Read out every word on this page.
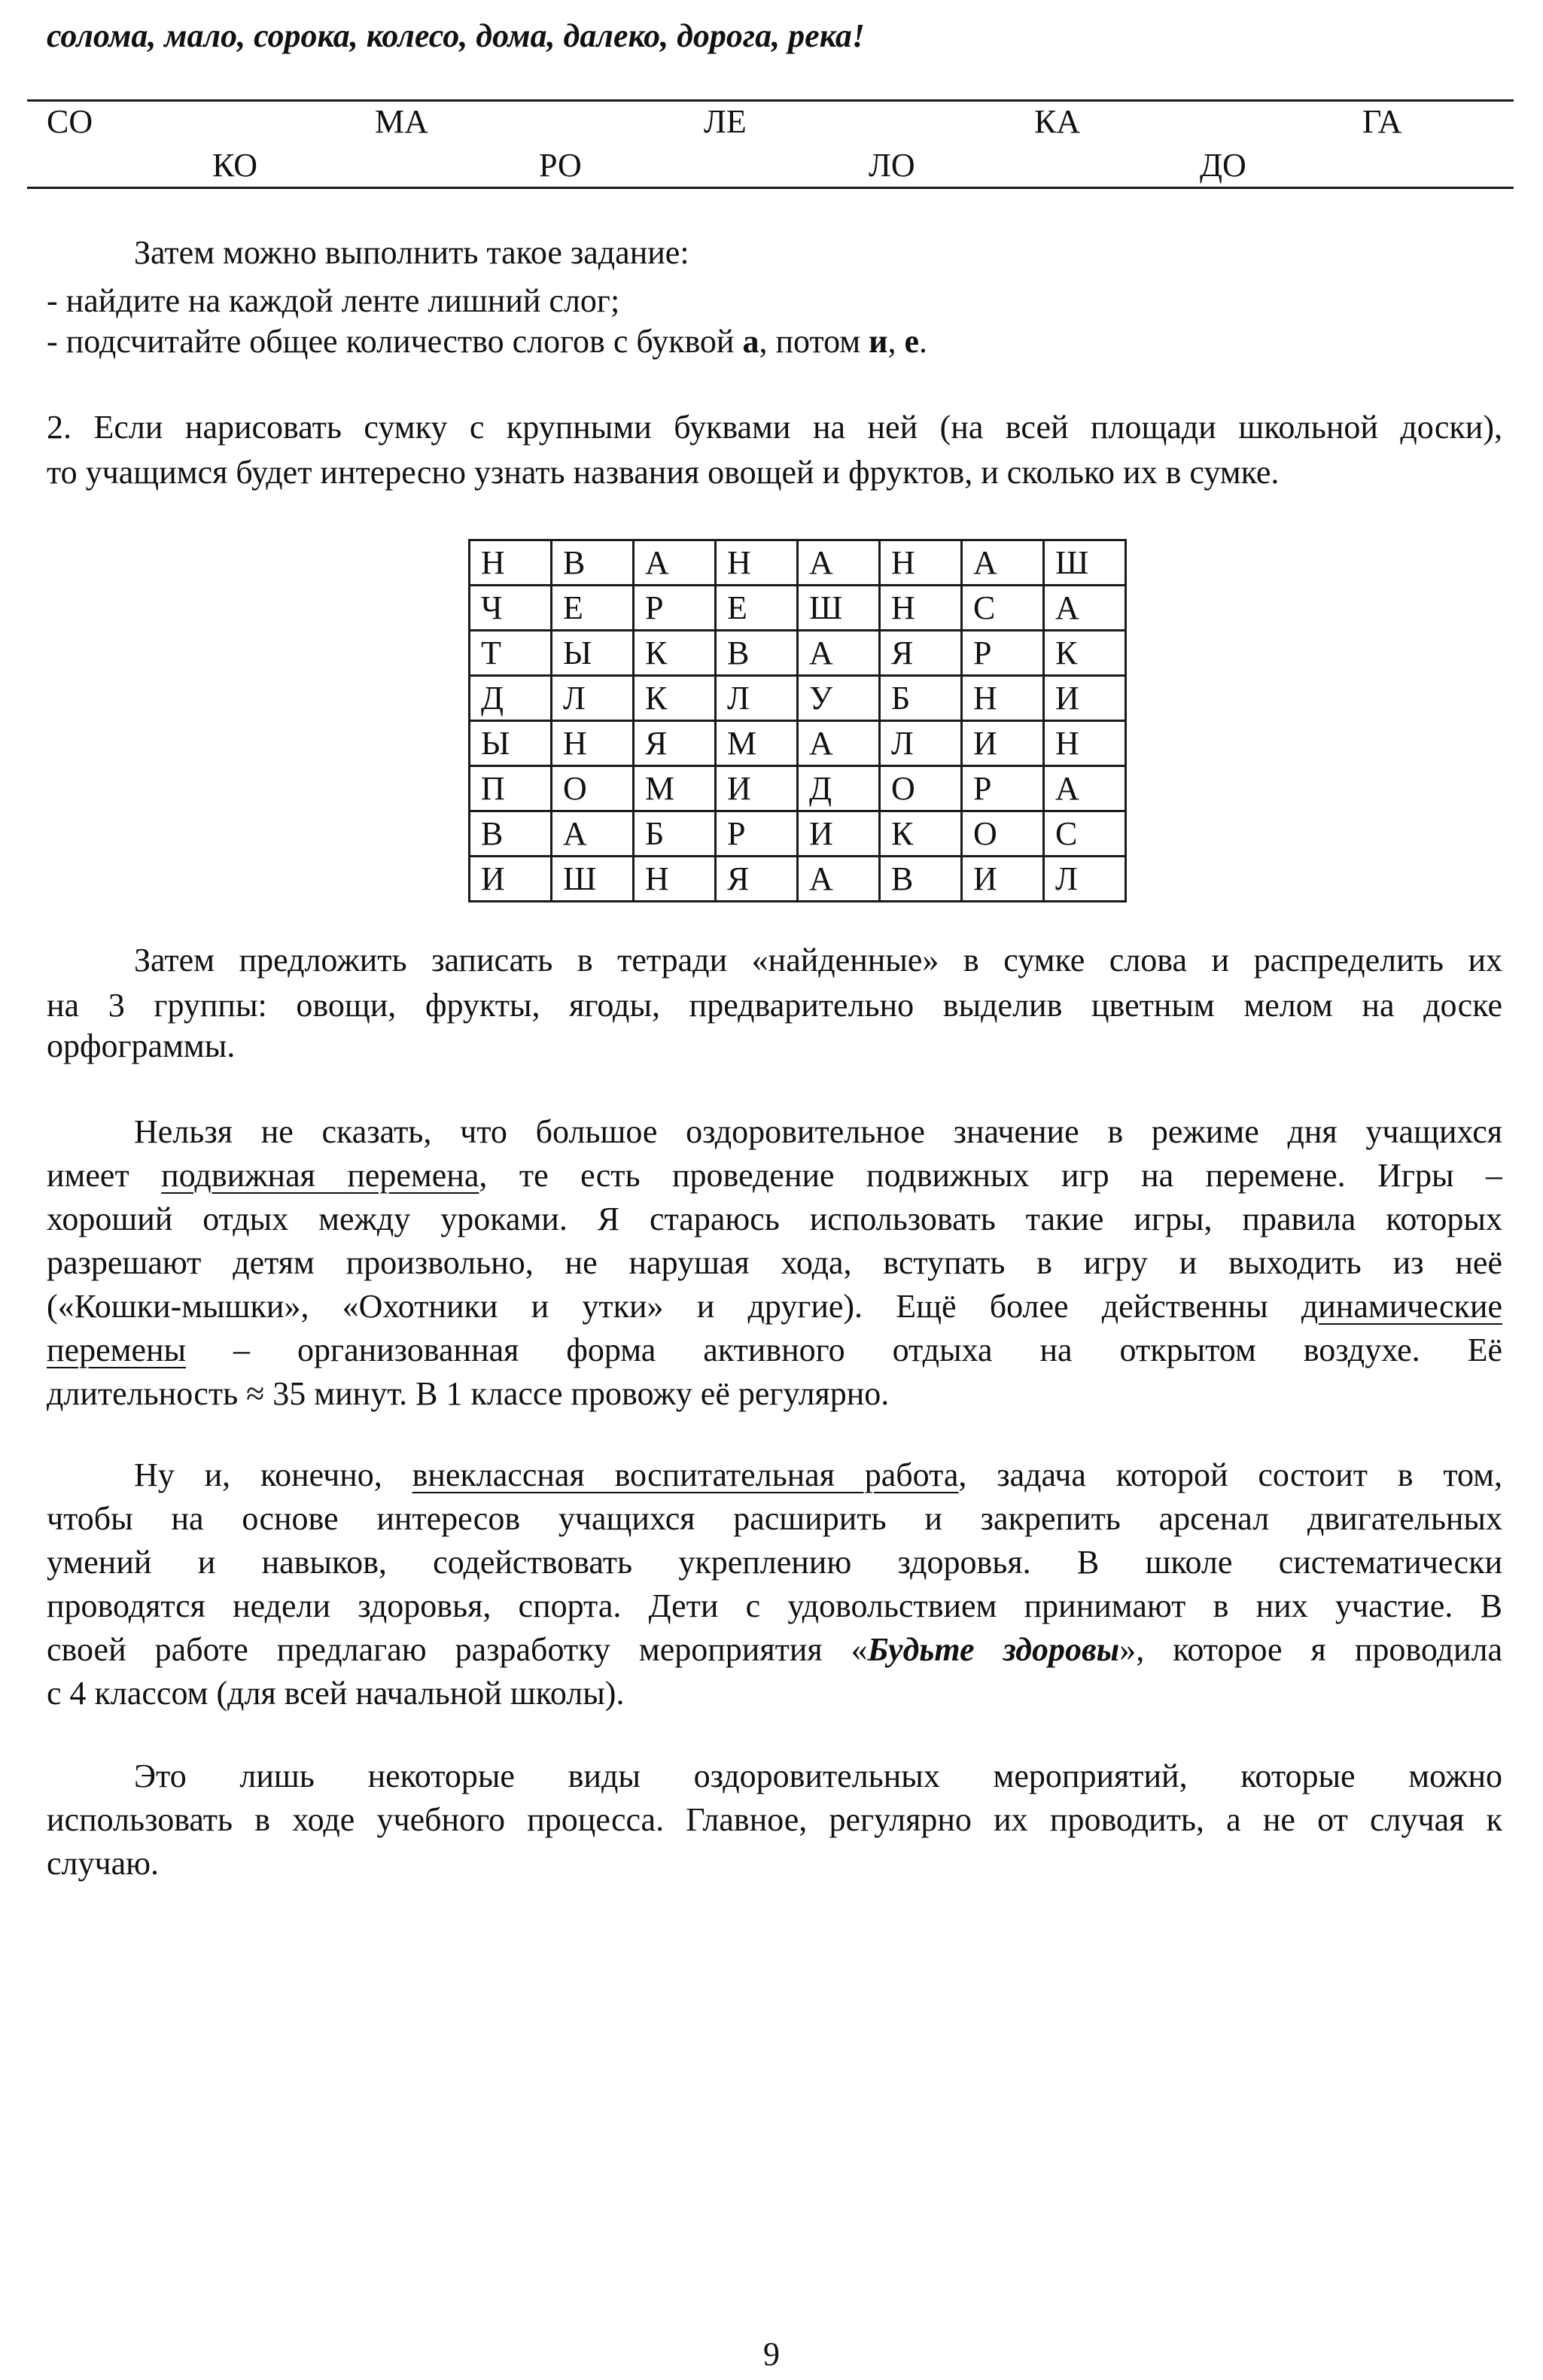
солома, мало, сорока, колесо, дома, далеко, дорога, река!
СО	МА	ЛЕ	КА	ГА
КО	РО	ЛО	ДО
Затем можно выполнить такое задание:
- найдите на каждой ленте лишний слог;
- подсчитайте общее количество слогов с буквой а, потом и, е.
2. Если нарисовать сумку с крупными буквами на ней (на всей площади школьной доски),
то учащимся будет интересно узнать названия овощей и фруктов, и сколько их в сумке.
Н	В	А	Н	А	Н	А	Ш
Ч	Е	Р	Е	Ш	Н	С	А
Т	Ы	К	В	А	Я	Р	К
Д	Л	К	Л	У	Б	Н	И
Ы	Н	Я	М	А	Л	И	Н
П	О	М	И	Д	О	Р	А
В	А	Б	Р	И	К	О	С
И	Ш	Н	Я	А	В	И	Л
Затем предложить записать в тетради «найденные» в сумке слова и распределить их
на 3 группы: овощи, фрукты, ягоды, предварительно выделив цветным мелом на доске
орфограммы.
Нельзя не сказать, что большое оздоровительное значение в режиме дня учащихся
имеет подвижная перемена, те есть проведение подвижных игр на перемене. Игры –
хороший отдых между уроками. Я стараюсь использовать такие игры, правила которых
разрешают детям произвольно, не нарушая хода, вступать в игру и выходить из неё
(«Кошки-мышки», «Охотники и утки» и другие). Ещё более действенны динамические
перемены – организованная форма активного отдыха на открытом воздухе. Её
длительность ≈ 35 минут. В 1 классе провожу её регулярно.
Ну и, конечно, внеклассная воспитательная работа, задача которой состоит в том,
чтобы на основе интересов учащихся расширить и закрепить арсенал двигательных
умений и навыков, содействовать укреплению здоровья. В школе систематически
проводятся недели здоровья, спорта. Дети с удовольствием принимают в них участие. В
своей работе предлагаю разработку мероприятия «Будьте здоровы», которое я проводила
с 4 классом (для всей начальной школы).
Это лишь некоторые виды оздоровительных мероприятий, которые можно
использовать в ходе учебного процесса. Главное, регулярно их проводить, а не от случая к
случаю.
9
